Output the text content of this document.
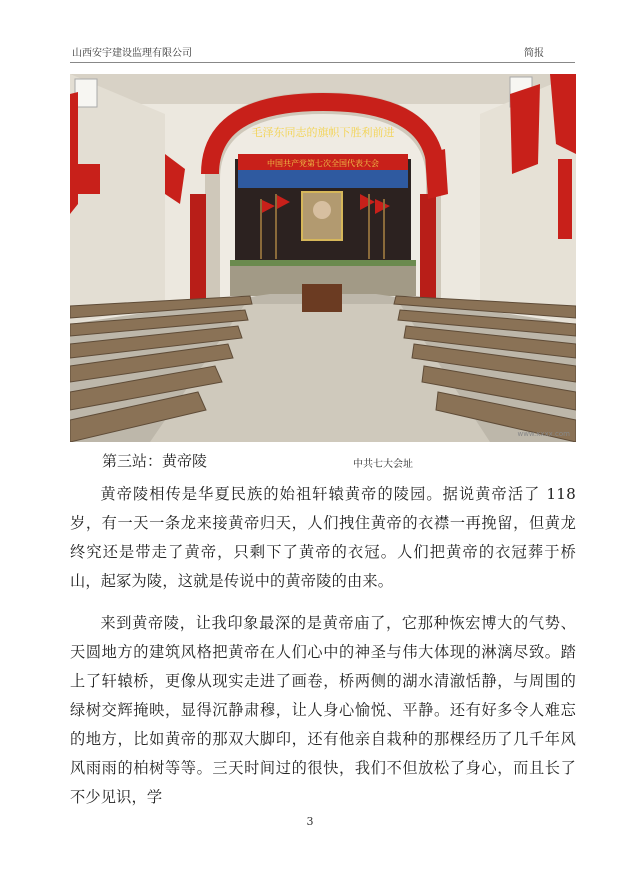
山西安宇建设监理有限公司	简报
毛泽东同志的旗帜下胜利前进
中国共产党第七次全国代表大会
www.xxxx.com
第三站：黄帝陵	中共七大会址

黄帝陵相传是华夏民族的始祖轩辕黄帝的陵园。据说黄帝活了 118 岁，有一天一条龙来接黄帝归天，人们拽住黄帝的衣襟一再挽留，但黄龙终究还是带走了黄帝，只剩下了黄帝的衣冠。人们把黄帝的衣冠葬于桥山，起冢为陵，这就是传说中的黄帝陵的由来。

来到黄帝陵，让我印象最深的是黄帝庙了，它那种恢宏博大的气势、天圆地方的建筑风格把黄帝在人们心中的神圣与伟大体现的淋漓尽致。踏上了轩辕桥，更像从现实走进了画卷，桥两侧的湖水清澈恬静，与周围的绿树交辉掩映，显得沉静肃穆，让人身心愉悦、平静。还有好多令人难忘的地方，比如黄帝的那双大脚印，还有他亲自栽种的那棵经历了几千年风风雨雨的柏树等等。三天时间过的很快，我们不但放松了身心，而且长了不少见识，学

3
